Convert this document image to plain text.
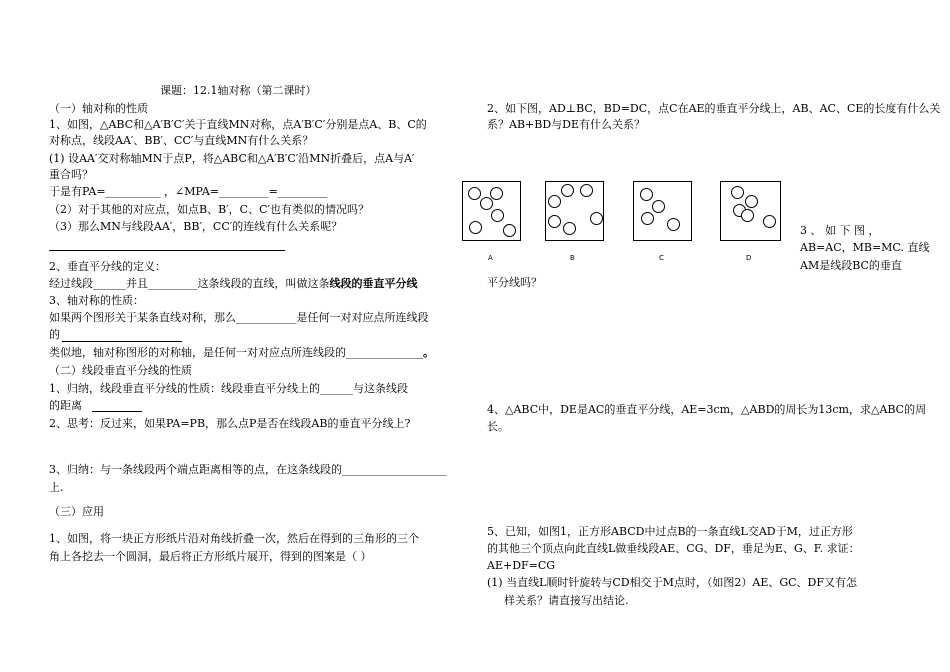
课题：12.1轴对称（第二课时）
（一）轴对称的性质
1、如图，△ABC和△A′B′C′关于直线MN对称，点A′B′C′分别是点A、B、C的
对称点，线段AA′、BB′、CC′与直线MN有什么关系？
(1) 设AA′交对称轴MN于点P，将△ABC和△A′B′C′沿MN折叠后，点A与A′
重合吗？
于是有PA=__________ ，∠MPA=_________=_________
（2）对于其他的对应点，如点B、B′，C、C′也有类似的情况吗？
（3）那么MN与线段AA′，BB′，CC′的连线有什么关系呢？
2、垂直平分线的定义：
经过线段______并且_________这条线段的直线，叫做这条线段的垂直平分线
3、轴对称的性质：
如果两个图形关于某条直线对称，那么___________是任何一对对应点所连线段
的
类似地，轴对称图形的对称轴，是任何一对对应点所连线段的______________。
（二）线段垂直平分线的性质
1、归纳，线段垂直平分线的性质：线段垂直平分线上的______与这条线段
的距离
2、思考：反过来，如果PA=PB，那么点P是否在线段AB的垂直平分线上?
3、归纳：与一条线段两个端点距离相等的点，在这条线段的___________________
上.
（三）应用
1、如图，将一块正方形纸片沿对角线折叠一次，然后在得到的三角形的三个
角上各挖去一个圆洞，最后将正方形纸片展开，得到的图案是（ ）
2、如下图，AD⊥BC，BD=DC，点C在AE的垂直平分线上，AB、AC、CE的长度有什么关
系？AB+BD与DE有什么关系？
A	B	C	D
3 、 如 下 图 ，
AB=AC，MB=MC. 直线
AM是线段BC的垂直
平分线吗？
4、△ABC中，DE是AC的垂直平分线，AE=3cm，△ABD的周长为13cm，求△ABC的周
长。
5、已知，如图1，正方形ABCD中过点B的一条直线L交AD于M，过正方形
的其他三个顶点向此直线L做垂线段AE、CG、DF，垂足为E、G、F. 求证：
AE+DF=CG
(1) 当直线L顺时针旋转与CD相交于M点时，（如图2）AE、GC、DF又有怎
样关系？请直接写出结论.
